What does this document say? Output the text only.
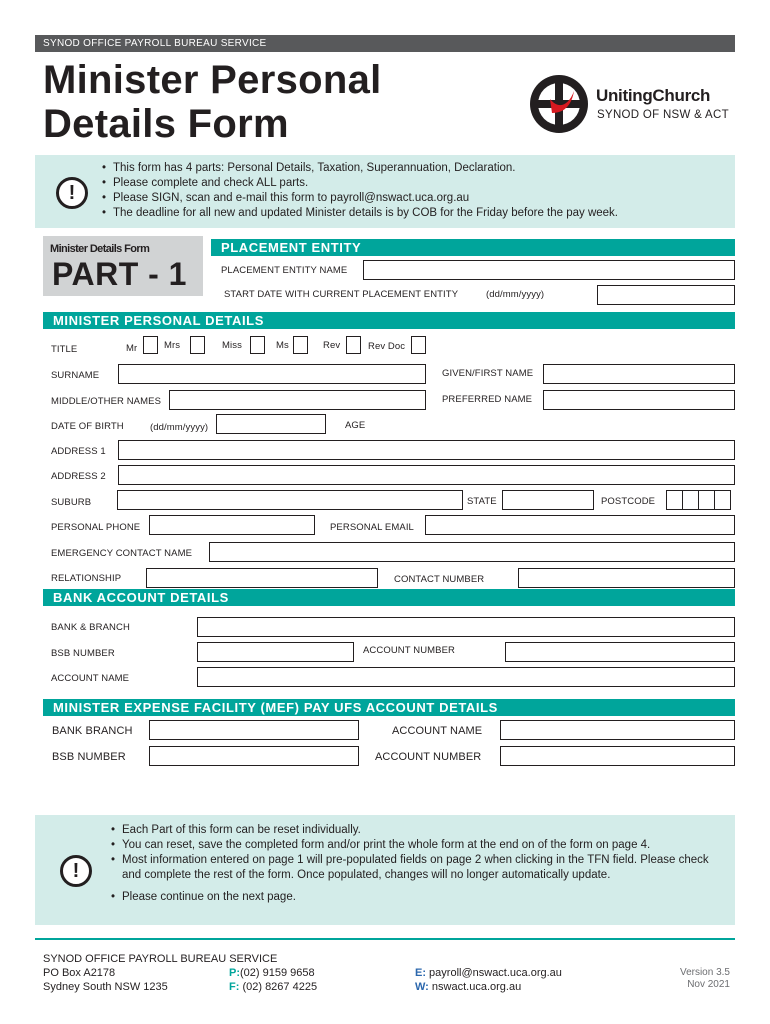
SYNOD OFFICE PAYROLL BUREAU SERVICE
Minister Personal
Details Form
UnitingChurch
SYNOD OF NSW & ACT
!
• This form has 4 parts: Personal Details, Taxation, Superannuation, Declaration.
• Please complete and check ALL parts.
• Please SIGN, scan and e-mail this form to payroll@nswact.uca.org.au
• The deadline for all new and updated Minister details is by COB for the Friday before the pay week.
Minister Details Form
PART - 1
PLACEMENT ENTITY
PLACEMENT ENTITY NAME
START DATE WITH CURRENT PLACEMENT ENTITY	(dd/mm/yyyy)
MINISTER PERSONAL DETAILS
TITLE	Mr	Mrs	Miss	Ms	Rev	Rev Doc
SURNAME	GIVEN/FIRST NAME
MIDDLE/OTHER NAMES	PREFERRED NAME
DATE OF BIRTH	(dd/mm/yyyy)	AGE
ADDRESS 1
ADDRESS 2
SUBURB	STATE	POSTCODE
PERSONAL PHONE	PERSONAL EMAIL
EMERGENCY CONTACT NAME
RELATIONSHIP	CONTACT NUMBER
BANK ACCOUNT DETAILS
BANK & BRANCH
BSB NUMBER	ACCOUNT NUMBER
ACCOUNT NAME
MINISTER EXPENSE FACILITY (MEF) PAY UFS ACCOUNT DETAILS
BANK BRANCH	ACCOUNT NAME
BSB NUMBER	ACCOUNT NUMBER
!
• Each Part of this form can be reset individually.
• You can reset, save the completed form and/or print the whole form at the end on of the form on page 4.
• Most information entered on page 1 will pre-populated fields on page 2 when clicking in the TFN field. Please check and complete the rest of the form. Once populated, changes will no longer automatically update.
• Please continue on the next page.
SYNOD OFFICE PAYROLL BUREAU SERVICE
PO Box A2178
Sydney South NSW 1235
P:(02) 9159 9658
F: (02) 8267 4225
E: payroll@nswact.uca.org.au
W: nswact.uca.org.au
Version 3.5
Nov 2021
